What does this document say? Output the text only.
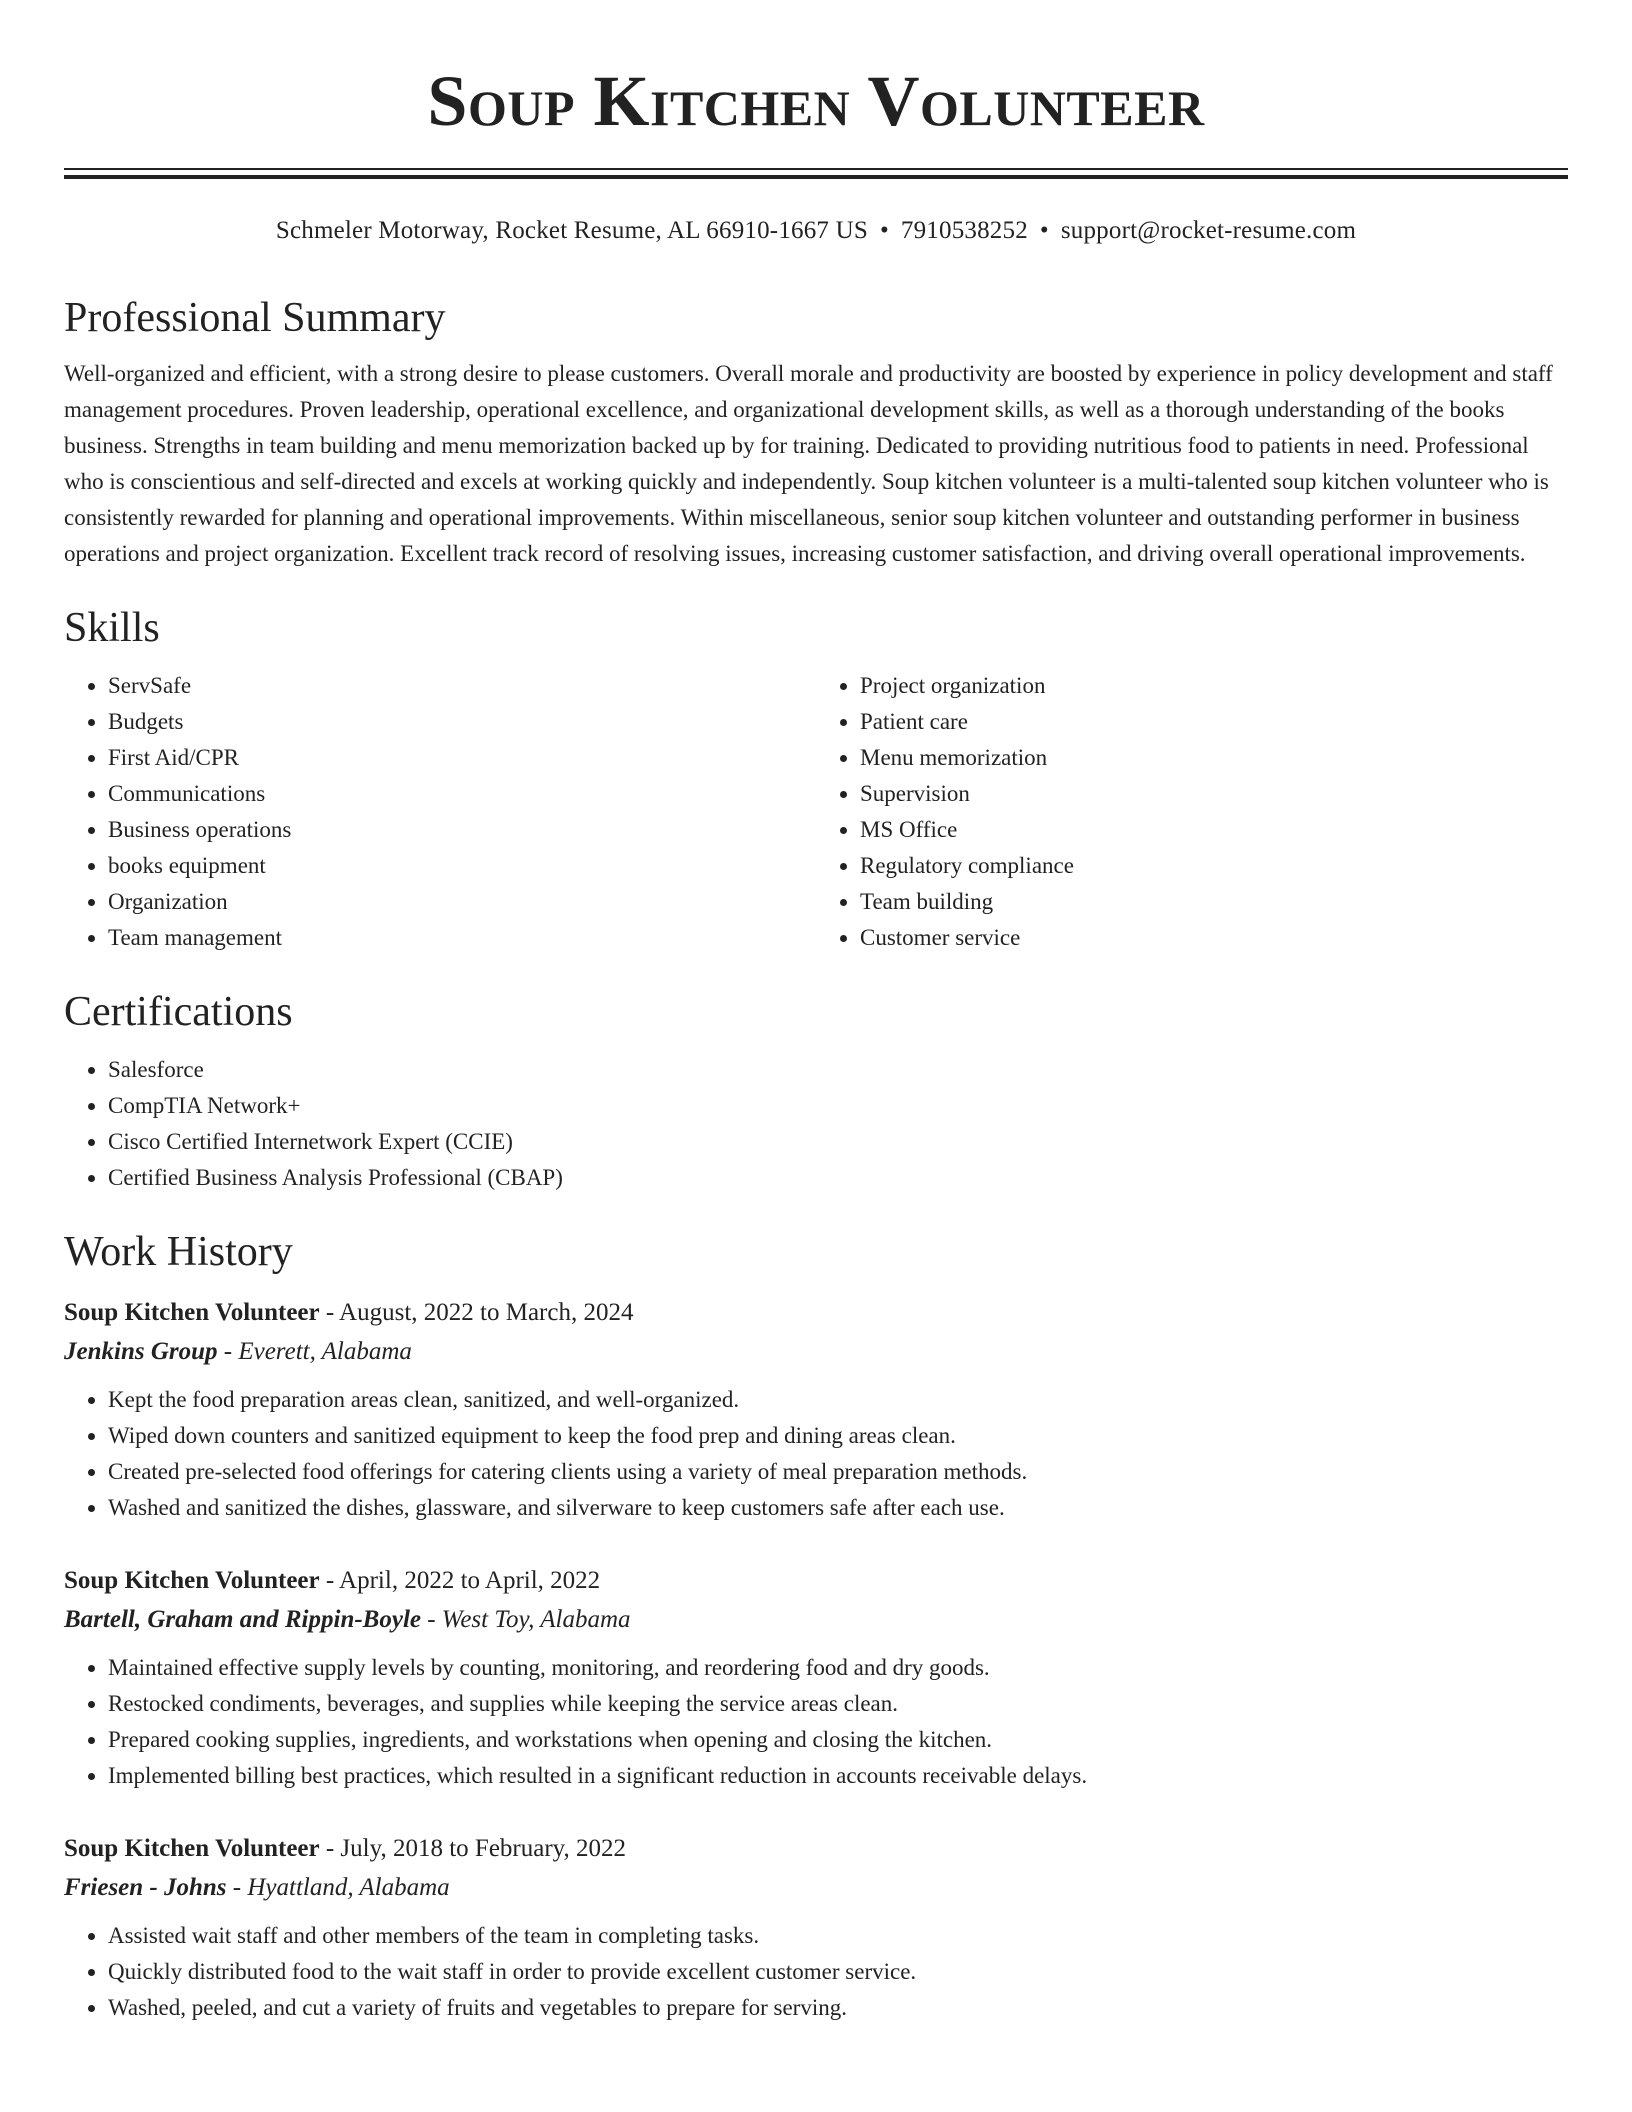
Soup Kitchen Volunteer
Schmeler Motorway, Rocket Resume, AL 66910-1667 US • 7910538252 • support@rocket-resume.com
Professional Summary

Well-organized and efficient, with a strong desire to please customers. Overall morale and productivity are boosted by experience in policy development and staff management procedures. Proven leadership, operational excellence, and organizational development skills, as well as a thorough understanding of the books business. Strengths in team building and menu memorization backed up by for training. Dedicated to providing nutritious food to patients in need. Professional who is conscientious and self-directed and excels at working quickly and independently. Soup kitchen volunteer is a multi-talented soup kitchen volunteer who is consistently rewarded for planning and operational improvements. Within miscellaneous, senior soup kitchen volunteer and outstanding performer in business operations and project organization. Excellent track record of resolving issues, increasing customer satisfaction, and driving overall operational improvements.

Skills
• ServSafe
• Budgets
• First Aid/CPR
• Communications
• Business operations
• books equipment
• Organization
• Team management
• Project organization
• Patient care
• Menu memorization
• Supervision
• MS Office
• Regulatory compliance
• Team building
• Customer service
Certifications
• Salesforce
• CompTIA Network+
• Cisco Certified Internetwork Expert (CCIE)
• Certified Business Analysis Professional (CBAP)
Work History
Soup Kitchen Volunteer - August, 2022 to March, 2024
Jenkins Group - Everett, Alabama
• Kept the food preparation areas clean, sanitized, and well-organized.
• Wiped down counters and sanitized equipment to keep the food prep and dining areas clean.
• Created pre-selected food offerings for catering clients using a variety of meal preparation methods.
• Washed and sanitized the dishes, glassware, and silverware to keep customers safe after each use.
Soup Kitchen Volunteer - April, 2022 to April, 2022
Bartell, Graham and Rippin-Boyle - West Toy, Alabama
• Maintained effective supply levels by counting, monitoring, and reordering food and dry goods.
• Restocked condiments, beverages, and supplies while keeping the service areas clean.
• Prepared cooking supplies, ingredients, and workstations when opening and closing the kitchen.
• Implemented billing best practices, which resulted in a significant reduction in accounts receivable delays.
Soup Kitchen Volunteer - July, 2018 to February, 2022
Friesen - Johns - Hyattland, Alabama
• Assisted wait staff and other members of the team in completing tasks.
• Quickly distributed food to the wait staff in order to provide excellent customer service.
• Washed, peeled, and cut a variety of fruits and vegetables to prepare for serving.
